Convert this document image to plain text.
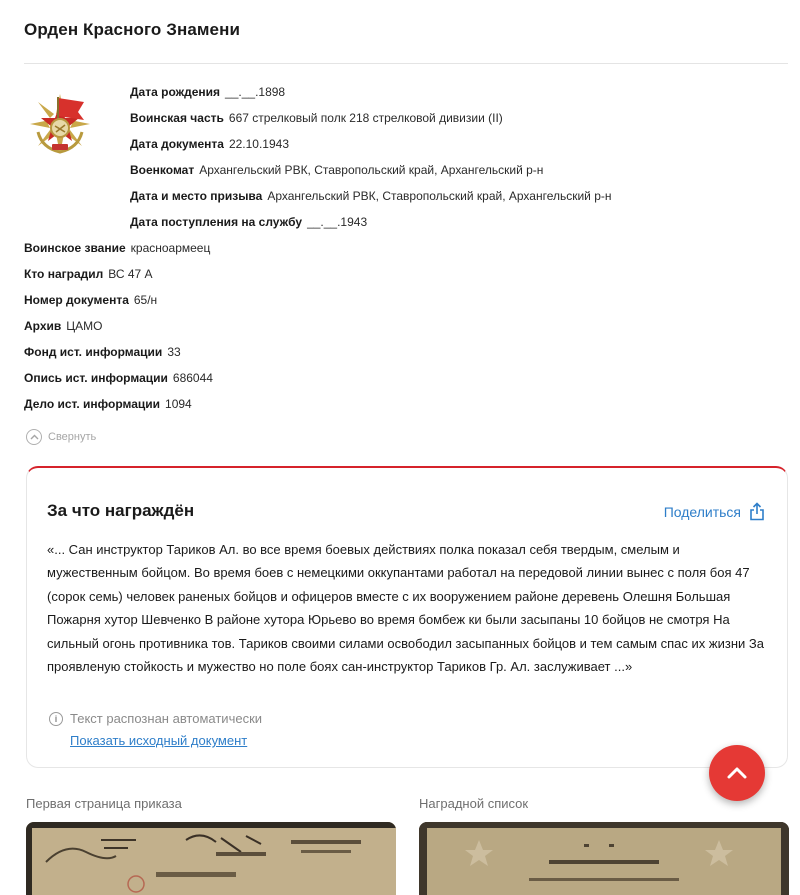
Орден Красного Знамени
Дата рождения __.__.1898
Воинская часть 667 стрелковый полк 218 стрелковой дивизии (II)
Дата документа 22.10.1943
Военкомат Архангельский РВК, Ставропольский край, Архангельский р-н
Дата и место призыва Архангельский РВК, Ставропольский край, Архангельский р-н
Дата поступления на службу __.__.1943
Воинское звание красноармеец
Кто наградил ВС 47 А
Номер документа 65/н
Архив ЦАМО
Фонд ист. информации 33
Опись ист. информации 686044
Дело ист. информации 1094
Свернуть
За что награждён	Поделиться
«... Сан инструктор Тариков Ал. во все время боевых действиях полка показал себя твердым, смелым и мужественным бойцом. Во время боев с немецкими оккупантами работал на передовой линии вынес с поля боя 47 (сорок семь) человек раненых бойцов и офицеров вместе с их вооружением районе деревень Олешня Большая Пожарня хутор Шевченко В районе хутора Юрьево во время бомбеж ки были засыпаны 10 бойцов не смотря На сильный огонь противника тов. Тариков своими силами освободил засыпанных бойцов и тем самым спас их жизни За проявленую стойкость и мужество но поле боях сан-инструктор Тариков Гр. Ал. заслуживает ...»
i Текст распознан автоматически
Показать исходный документ
Первая страница приказа	Наградной список
